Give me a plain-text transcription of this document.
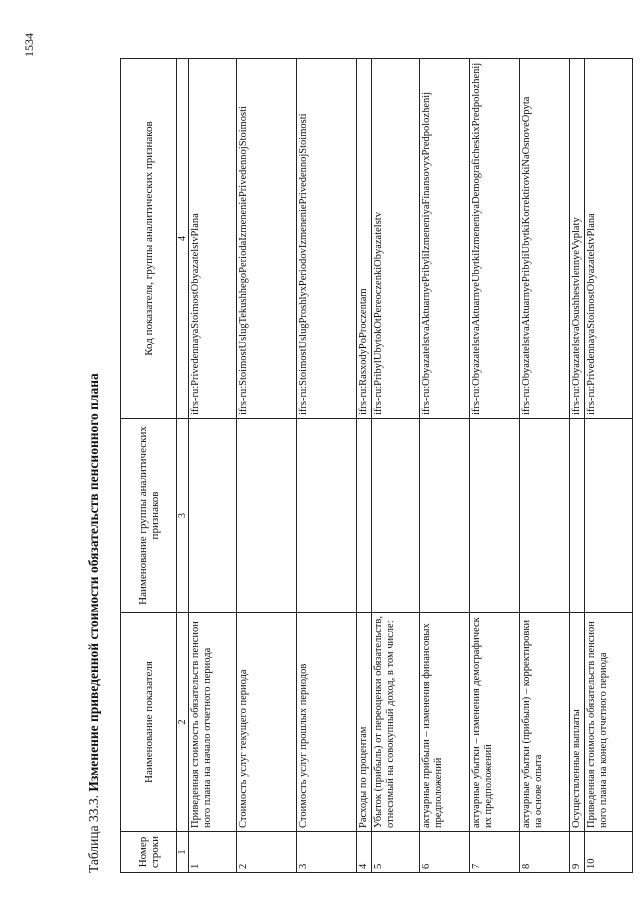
1534
Таблица 33.3. Изменение приведенной стоимости обязательств пенсионного плана
Номер строки	Наименование показателя	Наименование группы аналитических признаков	Код показателя, группы аналитических признаков
1	2	3	4
1	Приведенная стоимость обязательств пенсионного плана на начало отчетного периода		ifrs-ru:PrivedennayaStoimostObyazatelstvPlana
2	Стоимость услуг текущего периода		ifrs-ru:StoimostUslugTekushhegoPeriodaIzmeneniePrivedennojStoimosti
3	Стоимость услуг прошлых периодов		ifrs-ru:StoimostUslugProshlyxPeriodovIzmeneniePrivedennojStoimosti
4	Расходы по процентам		ifrs-ru:RasxodyPoProczentam
5	Убыток (прибыль) от переоценки обязательств, отнесимый на совокупный доход, в том числе:		ifrs-ru:PribylUbytokOtPereoczenkiObyazatelstv
6	актуарные прибыли – изменения финансовых предположений		ifrs-ru:ObyazatelstvaAktuarnyePribyliIzmeneniyaFinansovyxPredpolozhenij
7	актуарные убытки – изменения демографических предположений		ifrs-ru:ObyazatelstvaAktuarnyeUbytkiIzmeneniyaDemograficheskixPredpolozhenij
8	актуарные убытки (прибыли) – корректировки на основе опыта		ifrs-ru:ObyazatelstvaAktuarnyePribyliUbytkiKorrektirovkiNaOsnoveOpyta
9	Осуществленные выплаты		ifrs-ru:ObyazatelstvaOsushhestvlennyeVyplaty
10	Приведенная стоимость обязательств пенсионного плана на конец отчетного периода		ifrs-ru:PrivedennayaStoimostObyazatelstvPlana
